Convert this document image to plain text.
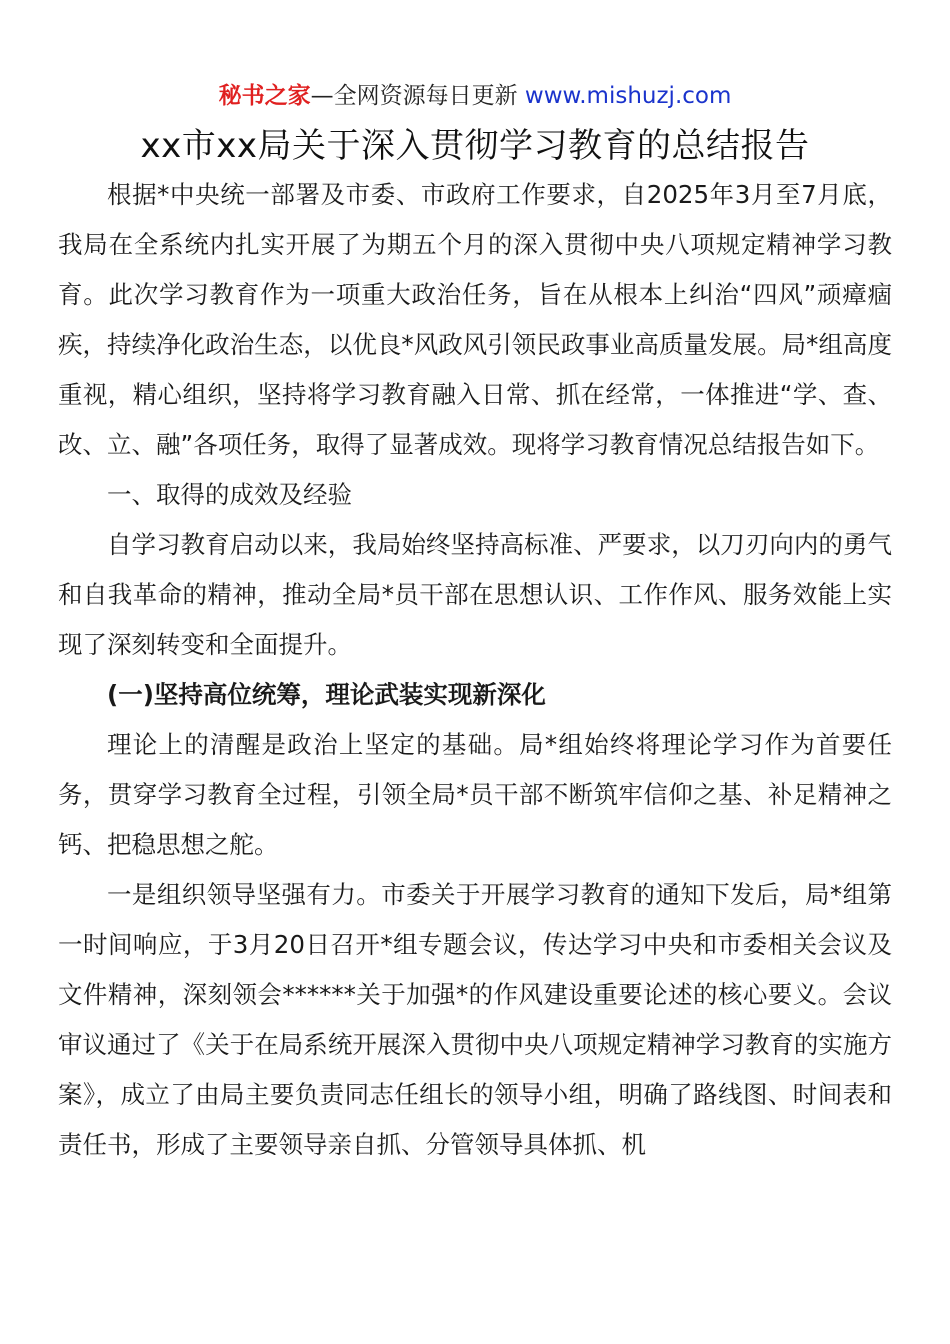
秘书之家—全网资源每日更新 www.mishuzj.com
xx市xx局关于深入贯彻学习教育的总结报告

根据*中央统一部署及市委、市政府工作要求，自2025年3月至7月底，我局在全系统内扎实开展了为期五个月的深入贯彻中央八项规定精神学习教育。此次学习教育作为一项重大政治任务，旨在从根本上纠治“四风”顽瘴痼疾，持续净化政治生态，以优良*风政风引领民政事业高质量发展。局*组高度重视，精心组织，坚持将学习教育融入日常、抓在经常，一体推进“学、查、改、立、融”各项任务，取得了显著成效。现将学习教育情况总结报告如下。

一、取得的成效及经验

自学习教育启动以来，我局始终坚持高标准、严要求，以刀刃向内的勇气和自我革命的精神，推动全局*员干部在思想认识、工作作风、服务效能上实现了深刻转变和全面提升。

(一)坚持高位统筹，理论武装实现新深化

理论上的清醒是政治上坚定的基础。局*组始终将理论学习作为首要任务，贯穿学习教育全过程，引领全局*员干部不断筑牢信仰之基、补足精神之钙、把稳思想之舵。

一是组织领导坚强有力。市委关于开展学习教育的通知下发后，局*组第一时间响应，于3月20日召开*组专题会议，传达学习中央和市委相关会议及文件精神，深刻领会******关于加强*的作风建设重要论述的核心要义。会议审议通过了《关于在局系统开展深入贯彻中央八项规定精神学习教育的实施方案》，成立了由局主要负责同志任组长的领导小组，明确了路线图、时间表和责任书，形成了主要领导亲自抓、分管领导具体抓、机
